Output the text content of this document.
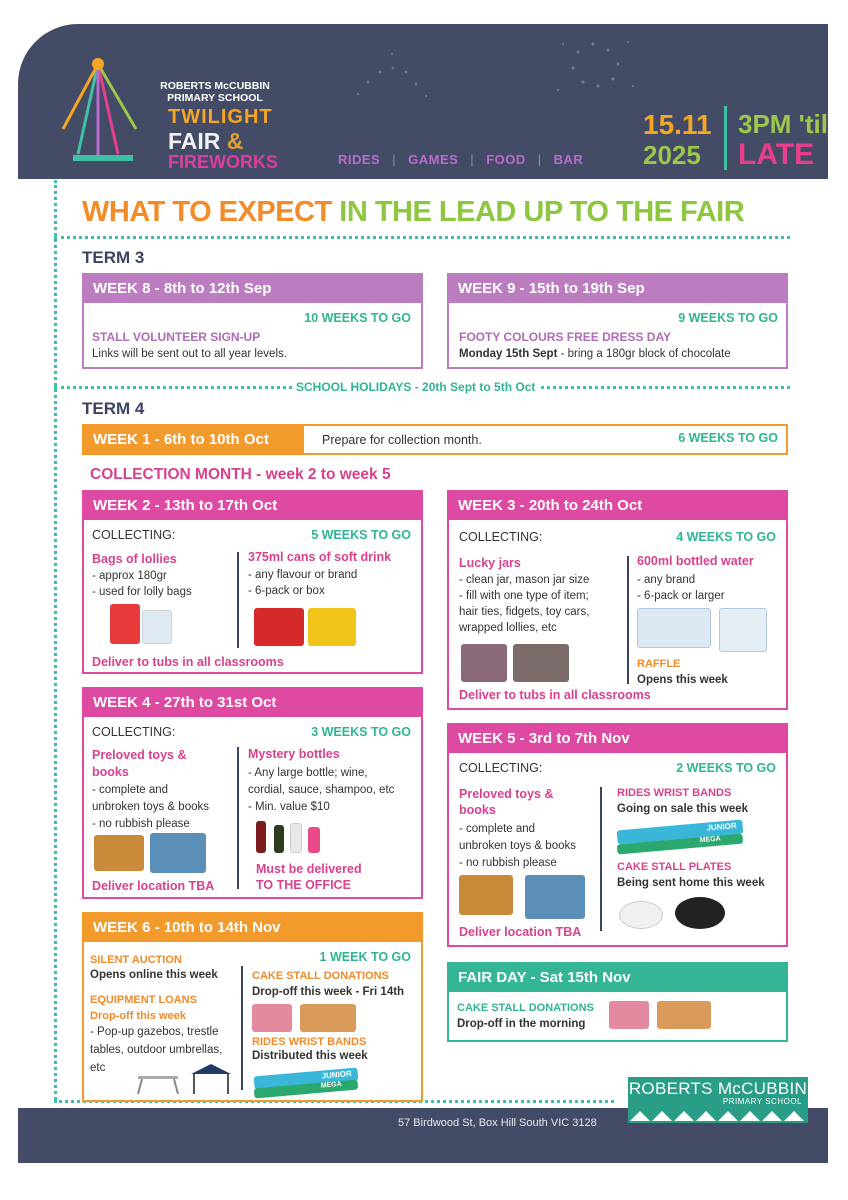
ROBERTS McCUBBIN PRIMARY SCHOOL
TWILIGHT
FAIR &
FIREWORKS	RIDES | GAMES | FOOD | BAR
15.11
2025
3PM 'til
LATE
WHAT TO EXPECT IN THE LEAD UP TO THE FAIR
TERM 3
WEEK 8 - 8th to 12th Sep
10 WEEKS TO GO
STALL VOLUNTEER SIGN-UP
Links will be sent out to all year levels.
WEEK 9 - 15th to 19th Sep
9 WEEKS TO GO
FOOTY COLOURS FREE DRESS DAY
Monday 15th Sept - bring a 180gr block of chocolate
SCHOOL HOLIDAYS - 20th Sept to 5th Oct
TERM 4
WEEK 1 - 6th to 10th Oct	Prepare for collection month.	6 WEEKS TO GO
COLLECTION MONTH - week 2 to week 5
WEEK 2 - 13th to 17th Oct
COLLECTING:	5 WEEKS TO GO
Bags of lollies
- approx 180gr
- used for lolly bags
375ml cans of soft drink
- any flavour or brand
- 6-pack or box
Deliver to tubs in all classrooms
WEEK 3 - 20th to 24th Oct
COLLECTING:	4 WEEKS TO GO
Lucky jars
- clean jar, mason jar size
- fill with one type of item;
hair ties, fidgets, toy cars,
wrapped lollies, etc
600ml bottled water
- any brand
- 6-pack or larger
RAFFLE
Opens this week
Deliver to tubs in all classrooms
WEEK 4 - 27th to 31st Oct
COLLECTING:	3 WEEKS TO GO
Preloved toys &
books
- complete and
unbroken toys & books
- no rubbish please
Mystery bottles
- Any large bottle; wine,
cordial, sauce, shampoo, etc
- Min. value $10
Must be delivered
TO THE OFFICE
Deliver location TBA
WEEK 5 - 3rd to 7th Nov
COLLECTING:	2 WEEKS TO GO
Preloved toys &
books
- complete and
unbroken toys & books
- no rubbish please
RIDES WRIST BANDS
Going on sale this week
JUNIOR
MEGA
CAKE STALL PLATES
Being sent home this week
Deliver location TBA
WEEK 6 - 10th to 14th Nov
1 WEEK TO GO
SILENT AUCTION
Opens online this week
EQUIPMENT LOANS
Drop-off this week
- Pop-up gazebos, trestle
tables, outdoor umbrellas,
etc
CAKE STALL DONATIONS
Drop-off this week - Fri 14th
RIDES WRIST BANDS
Distributed this week
JUNIOR
MEGA
FAIR DAY - Sat 15th Nov
CAKE STALL DONATIONS
Drop-off in the morning
57 Birdwood St, Box Hill South VIC 3128
ROBERTS McCUBBIN
PRIMARY SCHOOL
